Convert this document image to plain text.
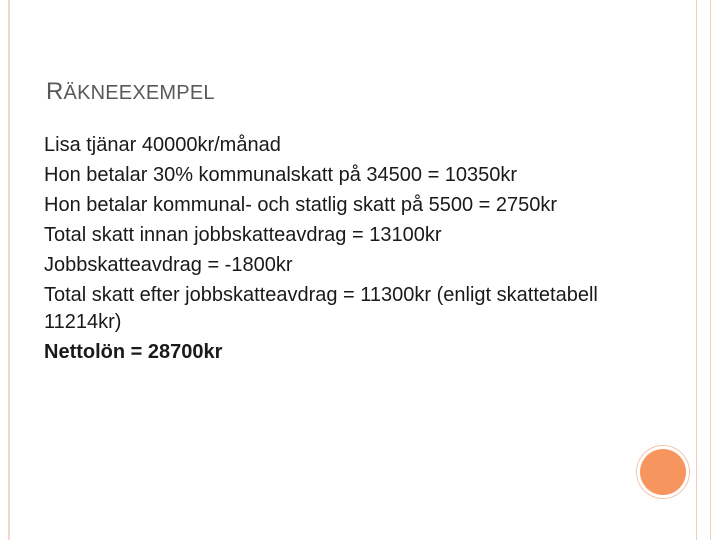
RÄKNEEXEMPEL
Lisa tjänar 40000kr/månad
Hon betalar 30% kommunalskatt på 34500 = 10350kr
Hon betalar kommunal- och statlig skatt på 5500 = 2750kr
Total skatt innan jobbskatteavdrag = 13100kr
Jobbskatteavdrag = -1800kr
Total skatt efter jobbskatteavdrag = 11300kr (enligt skattetabell 11214kr)
Nettolön = 28700kr
